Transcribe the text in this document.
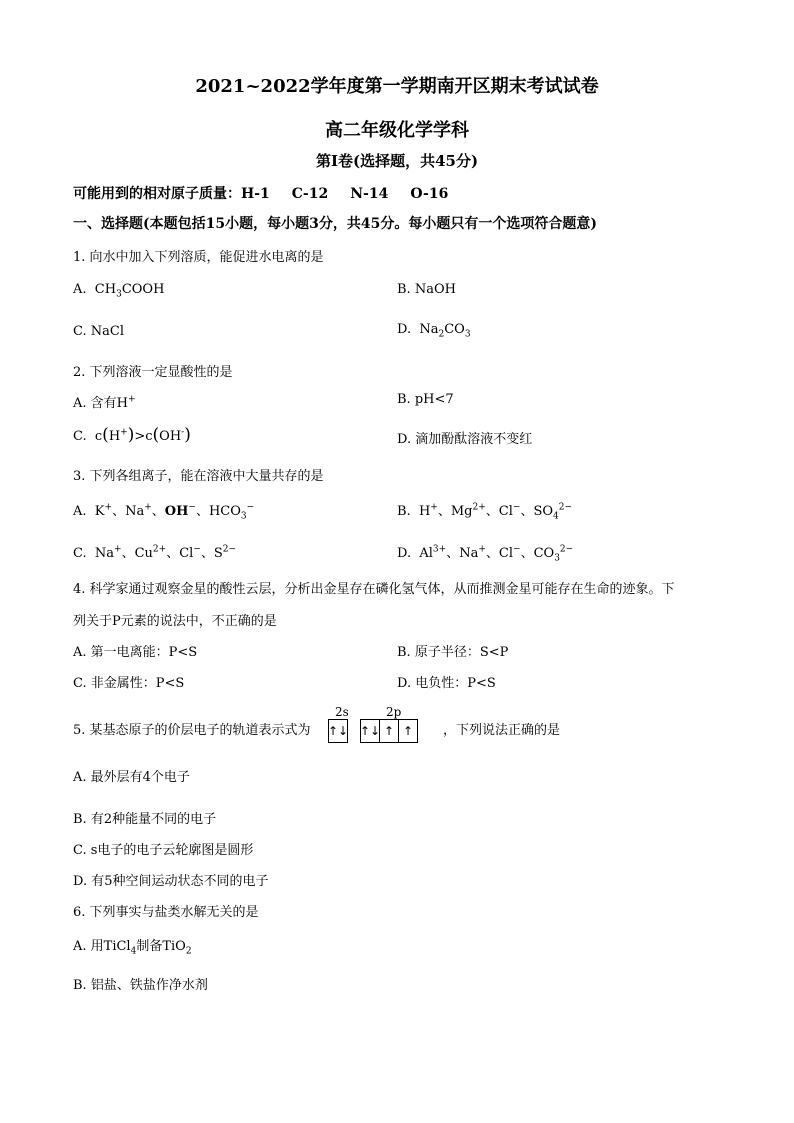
2021~2022学年度第一学期南开区期末考试试卷
高二年级化学学科
第I卷(选择题，共45分)
可能用到的相对原子质量：H-1 C-12 N-14 O-16
一、选择题(本题包括15小题，每小题3分，共45分。每小题只有一个选项符合题意)
1. 向水中加入下列溶质，能促进水电离的是
A. $CH_3COOH$	B. NaOH
C. NaCl	D. $Na_2CO_3$
2. 下列溶液一定显酸性的是
A. 含有H+	B. pH<7
C. c(H+)>c(OH-)	D. 滴加酚酞溶液不变红
3. 下列各组离子，能在溶液中大量共存的是
A. K+、Na+、OH−、$HCO_3^-$	B. H+、$Mg^{2+}$、Cl−、$SO_4^{2-}$
C. Na+、$Cu^{2+}$、Cl−、$S^{2-}$	D. $Al^{3+}$、Na+、Cl−、$CO_3^{2-}$
4. 科学家通过观察金星的酸性云层，分析出金星存在磷化氢气体，从而推测金星可能存在生命的迹象。下
列关于P元素的说法中，不正确的是
A. 第一电离能：P<S	B. 原子半径：S<P
C. 非金属性：P<S	D. 电负性：P<S
5. 某基态原子的价层电子的轨道表示式为
2s	2p
↑↓ ↑↓ ↑ ↑	，下列说法正确的是
A. 最外层有4个电子
B. 有2种能量不同的电子
C. s电子的电子云轮廓图是圆形
D. 有5种空间运动状态不同的电子
6. 下列事实与盐类水解无关的是
A. 用TiCl$_4$制备TiO$_2$
B. 铝盐、铁盐作净水剂
